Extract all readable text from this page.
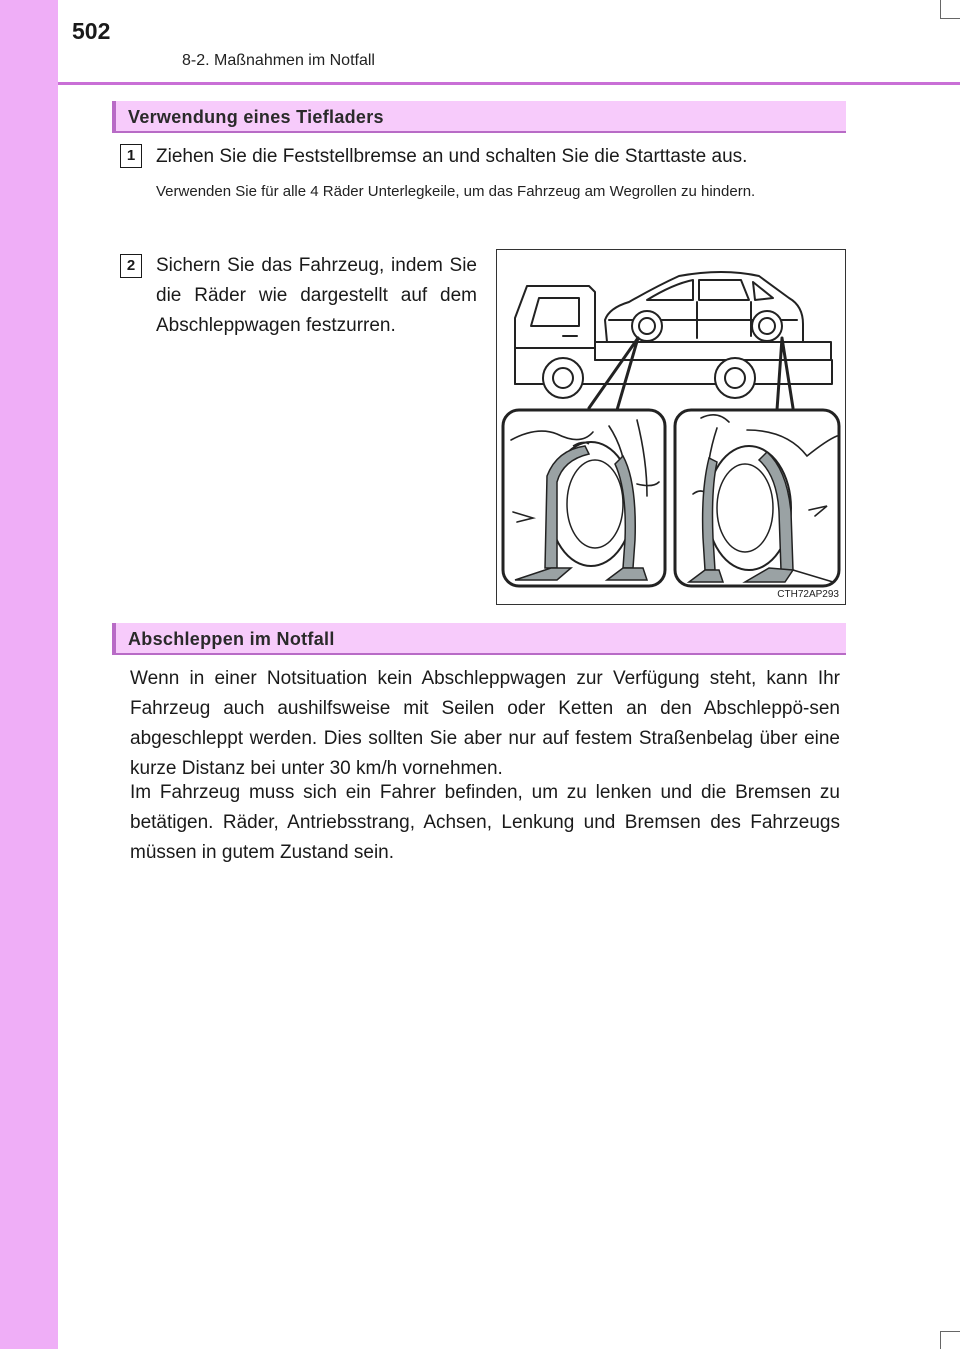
502
8-2. Maßnahmen im Notfall
Verwendung eines Tiefladers
1	Ziehen Sie die Feststellbremse an und schalten Sie die Starttaste aus.
Verwenden Sie für alle 4 Räder Unterlegkeile, um das Fahrzeug am Wegrollen zu hindern.
2	Sichern Sie das Fahrzeug, indem Sie die Räder wie dargestellt auf dem Abschleppwagen festzurren.
CTH72AP293
Abschleppen im Notfall
Wenn in einer Notsituation kein Abschleppwagen zur Verfügung steht, kann Ihr Fahrzeug auch aushilfsweise mit Seilen oder Ketten an den Abschleppö-sen abgeschleppt werden. Dies sollten Sie aber nur auf festem Straßenbelag über eine kurze Distanz bei unter 30 km/h vornehmen.
Im Fahrzeug muss sich ein Fahrer befinden, um zu lenken und die Bremsen zu betätigen. Räder, Antriebsstrang, Achsen, Lenkung und Bremsen des Fahrzeugs müssen in gutem Zustand sein.
